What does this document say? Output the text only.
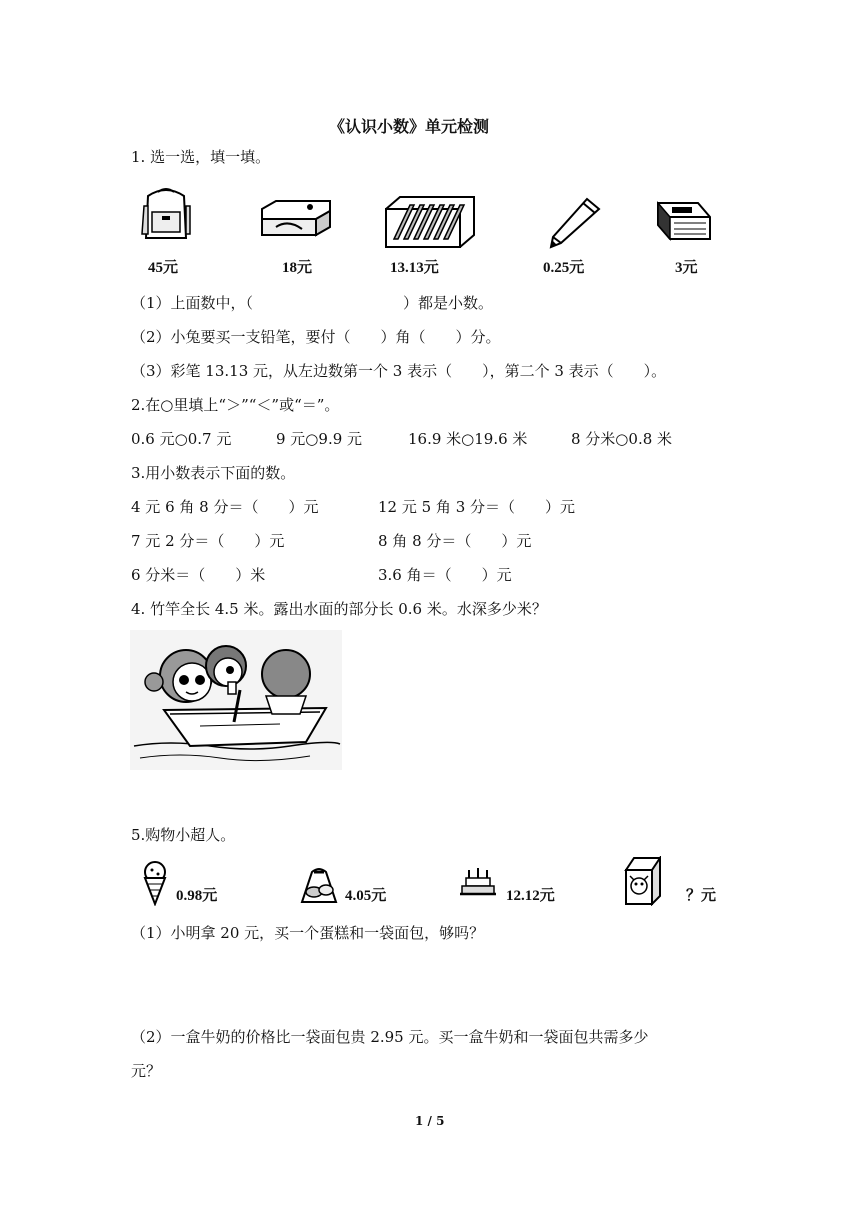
《认识小数》单元检测
1. 选一选，填一填。
45元	18元	13.13元	0.25元	3元
（1）上面数中，（　　　　　　　　　　）都是小数。
（2）小兔要买一支铅笔，要付（　　）角（　　）分。
（3）彩笔 13.13 元，从左边数第一个 3 表示（　　），第二个 3 表示（　　）。
2.在○里填上“＞”“＜”或“＝”。
0.6 元○0.7 元	9 元○9.9 元	16.9 米○19.6 米	8 分米○0.8 米
3.用小数表示下面的数。
4 元 6 角 8 分＝（　　）元	12 元 5 角 3 分＝（　　）元
7 元 2 分＝（　　）元	8 角 8 分＝（　　）元
6 分米＝（　　）米	3.6 角＝（　　）元
4. 竹竿全长 4.5 米。露出水面的部分长 0.6 米。水深多少米？
5.购物小超人。
0.98元	4.05元	12.12元	？元
（1）小明拿 20 元，买一个蛋糕和一袋面包，够吗？
（2）一盒牛奶的价格比一袋面包贵 2.95 元。买一盒牛奶和一袋面包共需多少
元？
1 / 5
